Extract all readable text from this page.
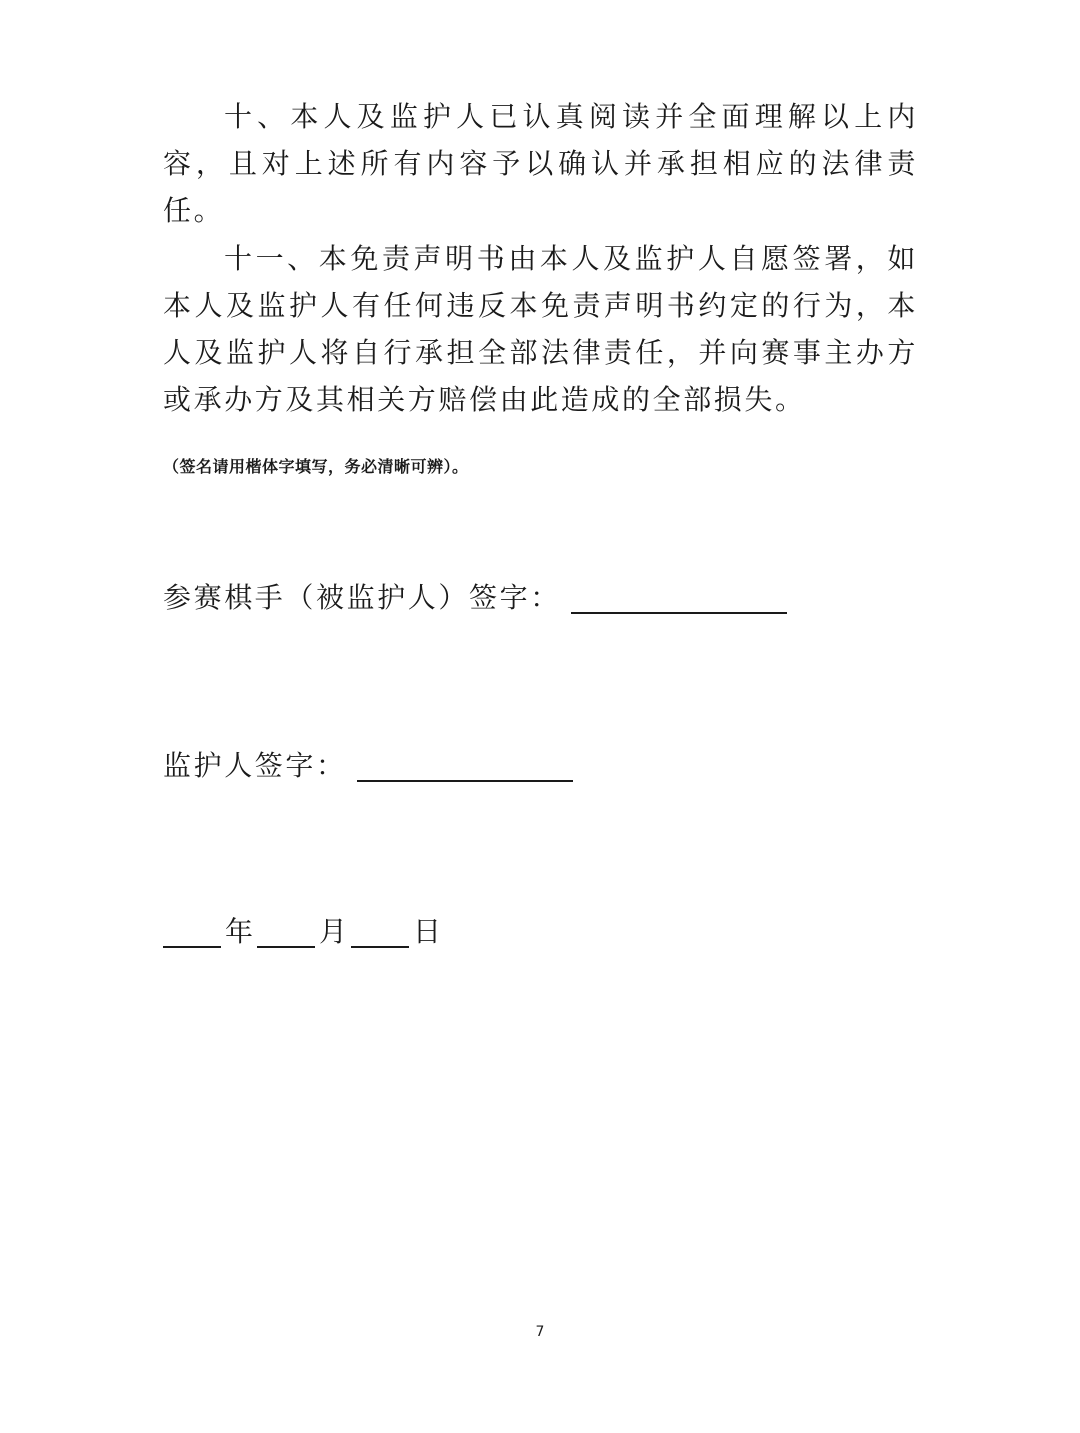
十、本人及监护人已认真阅读并全面理解以上内容，且对上述所有内容予以确认并承担相应的法律责任。

十一、本免责声明书由本人及监护人自愿签署，如本人及监护人有任何违反本免责声明书约定的行为，本人及监护人将自行承担全部法律责任，并向赛事主办方或承办方及其相关方赔偿由此造成的全部损失。

（签名请用楷体字填写，务必清晰可辨）。
参赛棋手（被监护人）签字：
监护人签字：
年 月 日
7
